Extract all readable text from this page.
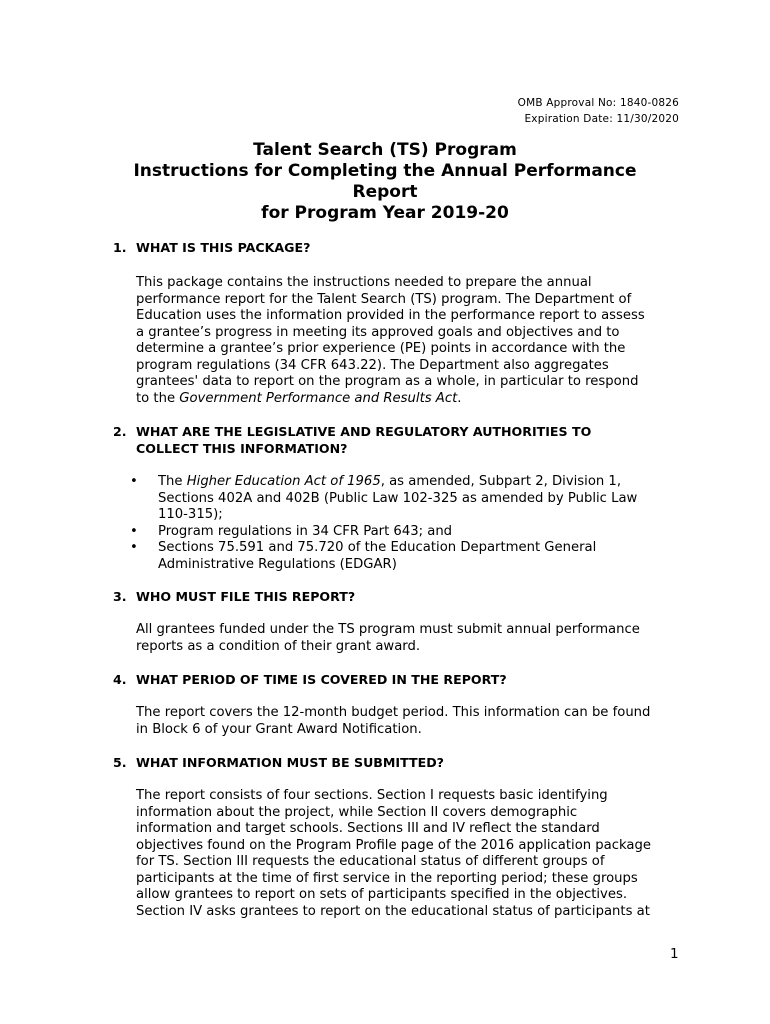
OMB Approval No: 1840-0826
Expiration Date: 11/30/2020
Talent Search (TS) Program
Instructions for Completing the Annual Performance
Report
for Program Year 2019-20
1. WHAT IS THIS PACKAGE?
This package contains the instructions needed to prepare the annual
performance report for the Talent Search (TS) program. The Department of
Education uses the information provided in the performance report to assess
a grantee’s progress in meeting its approved goals and objectives and to
determine a grantee’s prior experience (PE) points in accordance with the
program regulations (34 CFR 643.22). The Department also aggregates
grantees' data to report on the program as a whole, in particular to respond
to the Government Performance and Results Act.
2. WHAT ARE THE LEGISLATIVE AND REGULATORY AUTHORITIES TO
COLLECT THIS INFORMATION?
• The Higher Education Act of 1965, as amended, Subpart 2, Division 1,
Sections 402A and 402B (Public Law 102-325 as amended by Public Law
110-315);
• Program regulations in 34 CFR Part 643; and
• Sections 75.591 and 75.720 of the Education Department General
Administrative Regulations (EDGAR)
3. WHO MUST FILE THIS REPORT?
All grantees funded under the TS program must submit annual performance
reports as a condition of their grant award.
4. WHAT PERIOD OF TIME IS COVERED IN THE REPORT?
The report covers the 12-month budget period. This information can be found
in Block 6 of your Grant Award Notification.
5. WHAT INFORMATION MUST BE SUBMITTED?
The report consists of four sections. Section I requests basic identifying
information about the project, while Section II covers demographic
information and target schools. Sections III and IV reflect the standard
objectives found on the Program Profile page of the 2016 application package
for TS. Section III requests the educational status of different groups of
participants at the time of first service in the reporting period; these groups
allow grantees to report on sets of participants specified in the objectives.
Section IV asks grantees to report on the educational status of participants at
1
